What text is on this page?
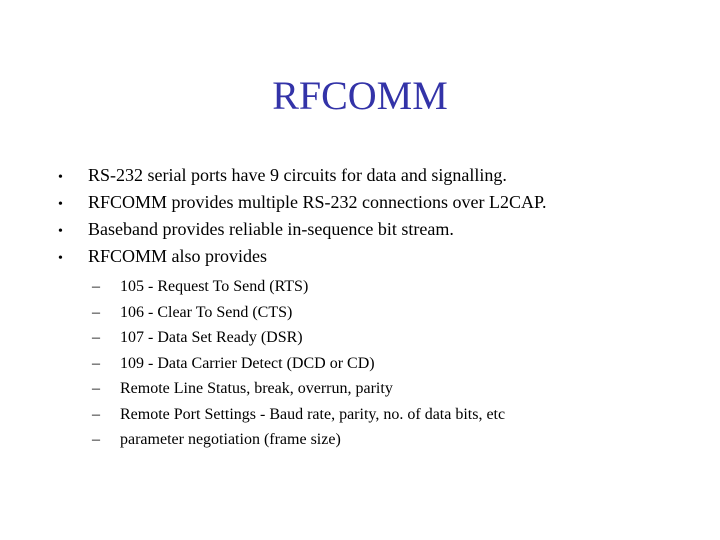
RFCOMM
•	RS-232 serial ports have 9 circuits for data and signalling.
•	RFCOMM provides multiple RS-232 connections over L2CAP.
•	Baseband provides reliable in-sequence bit stream.
•	RFCOMM also provides
–	105 - Request To Send (RTS)
–	106 - Clear To Send (CTS)
–	107 - Data Set Ready (DSR)
–	109 - Data Carrier Detect (DCD or CD)
–	Remote Line Status, break, overrun, parity
–	Remote Port Settings - Baud rate, parity, no. of data bits, etc
–	parameter negotiation (frame size)
